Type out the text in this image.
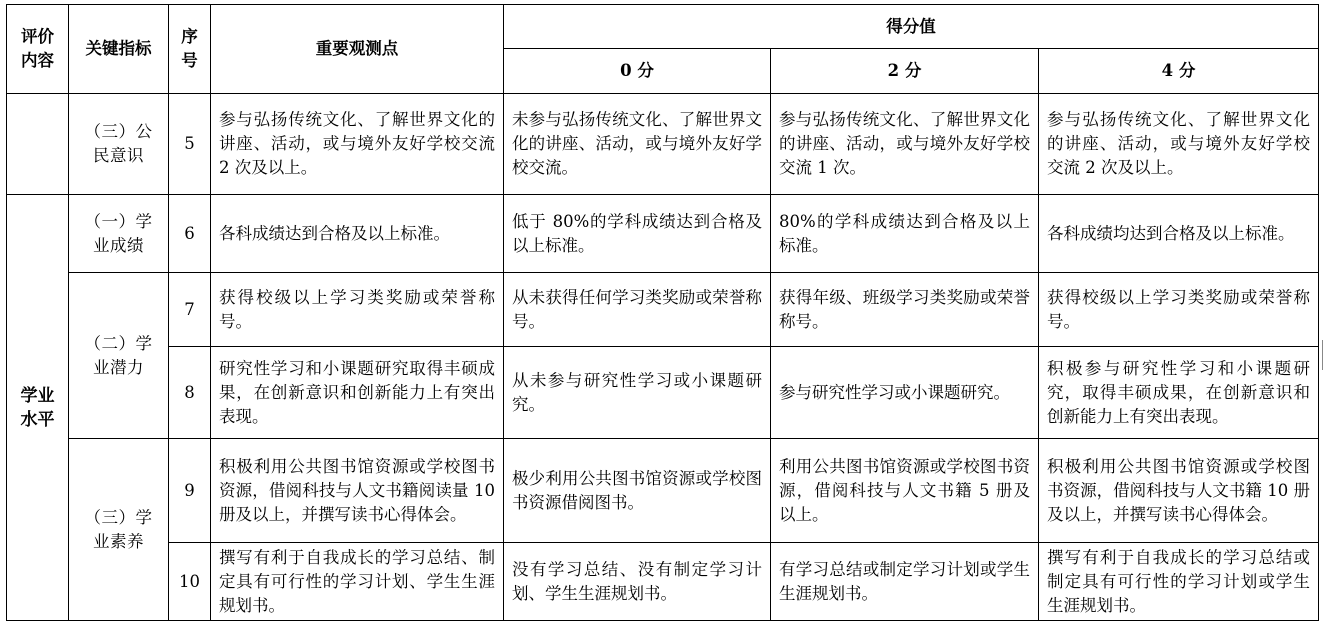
评价内容	关键指标	序号	重要观测点	得分值		
				0 分	2 分	4 分
	（三）公民意识	5	参与弘扬传统文化、了解世界文化的讲座、活动，或与境外友好学校交流 2 次及以上。	未参与弘扬传统文化、了解世界文化的讲座、活动，或与境外友好学校交流。	参与弘扬传统文化、了解世界文化的讲座、活动，或与境外友好学校交流 1 次。	参与弘扬传统文化、了解世界文化的讲座、活动，或与境外友好学校交流 2 次及以上。
学业水平	（一）学业成绩	6	各科成绩达到合格及以上标准。	低于 80%的学科成绩达到合格及以上标准。	80%的学科成绩达到合格及以上标准。	各科成绩均达到合格及以上标准。
	（二）学业潜力	7	获得校级以上学习类奖励或荣誉称号。	从未获得任何学习类奖励或荣誉称号。	获得年级、班级学习类奖励或荣誉称号。	获得校级以上学习类奖励或荣誉称号。
		8	研究性学习和小课题研究取得丰硕成果，在创新意识和创新能力上有突出表现。	从未参与研究性学习或小课题研究。	参与研究性学习或小课题研究。	积极参与研究性学习和小课题研究，取得丰硕成果，在创新意识和创新能力上有突出表现。
	（三）学业素养	9	积极利用公共图书馆资源或学校图书资源，借阅科技与人文书籍阅读量 10 册及以上，并撰写读书心得体会。	极少利用公共图书馆资源或学校图书资源借阅图书。	利用公共图书馆资源或学校图书资源，借阅科技与人文书籍 5 册及以上。	积极利用公共图书馆资源或学校图书资源，借阅科技与人文书籍 10 册及以上，并撰写读书心得体会。
		10	撰写有利于自我成长的学习总结、制定具有可行性的学习计划、学生生涯规划书。	没有学习总结、没有制定学习计划、学生生涯规划书。	有学习总结或制定学习计划或学生生涯规划书。	撰写有利于自我成长的学习总结或制定具有可行性的学习计划或学生生涯规划书。
